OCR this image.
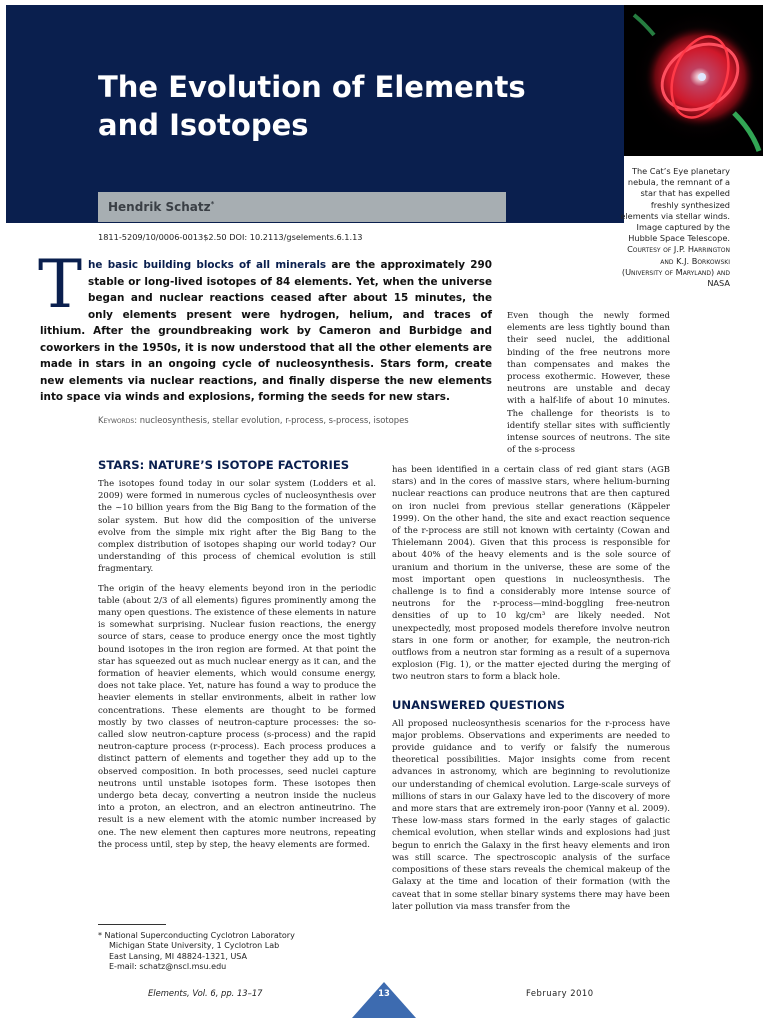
The Evolution of Elements
and Isotopes
Hendrik Schatz*
The Cat’s Eye planetary nebula, the remnant of a star that has expelled freshly synthesized elements via stellar winds. Image captured by the Hubble Space Telescope. Courtesy of J.P. Harrington and K.J. Borkowski (University of Maryland) and NASA
1811-5209/10/0006-0013$2.50 DOI: 10.2113/gselements.6.1.13
The basic building blocks of all minerals are the approximately 290 stable or long-lived isotopes of 84 elements. Yet, when the universe began and nuclear reactions ceased after about 15 minutes, the only elements present were hydrogen, helium, and traces of lithium. After the groundbreaking work by Cameron and Burbidge and coworkers in the 1950s, it is now understood that all the other elements are made in stars in an ongoing cycle of nucleosynthesis. Stars form, create new elements via nuclear reactions, and finally disperse the new elements into space via winds and explosions, forming the seeds for new stars.
Keywords: nucleosynthesis, stellar evolution, r-process, s-process, isotopes
STARS: NATURE’S ISOTOPE FACTORIES

The isotopes found today in our solar system (Lodders et al. 2009) were formed in numerous cycles of nucleosynthesis over the ~10 billion years from the Big Bang to the formation of the solar system. But how did the composition of the universe evolve from the simple mix right after the Big Bang to the complex distribution of isotopes shaping our world today? Our understanding of this process of chemical evolution is still fragmentary.

The origin of the heavy elements beyond iron in the periodic table (about 2/3 of all elements) figures prominently among the many open questions. The existence of these elements in nature is somewhat surprising. Nuclear fusion reactions, the energy source of stars, cease to produce energy once the most tightly bound isotopes in the iron region are formed. At that point the star has squeezed out as much nuclear energy as it can, and the formation of heavier elements, which would consume energy, does not take place. Yet, nature has found a way to produce the heavier elements in stellar environments, albeit in rather low concentrations. These elements are thought to be formed mostly by two classes of neutron-capture processes: the so-called slow neutron-capture process (s-process) and the rapid neutron-capture process (r-process). Each process produces a distinct pattern of elements and together they add up to the observed composition. In both processes, seed nuclei capture neutrons until unstable isotopes form. These isotopes then undergo beta decay, converting a neutron inside the nucleus into a proton, an electron, and an electron antineutrino. The result is a new element with the atomic number increased by one. The new element then captures more neutrons, repeating the process until, step by step, the heavy elements are formed.

Even though the newly formed elements are less tightly bound than their seed nuclei, the additional binding of the free neutrons more than compensates and makes the process exothermic. However, these neutrons are unstable and decay with a half-life of about 10 minutes. The challenge for theorists is to identify stellar sites with sufficiently intense sources of neutrons. The site of the s-process

has been identified in a certain class of red giant stars (AGB stars) and in the cores of massive stars, where helium-burning nuclear reactions can produce neutrons that are then captured on iron nuclei from previous stellar generations (Käppeler 1999). On the other hand, the site and exact reaction sequence of the r-process are still not known with certainty (Cowan and Thielemann 2004). Given that this process is responsible for about 40% of the heavy elements and is the sole source of uranium and thorium in the universe, these are some of the most important open questions in nucleosynthesis. The challenge is to find a considerably more intense source of neutrons for the r-process—mind-boggling free-neutron densities of up to 10 kg/cm³ are likely needed. Not unexpectedly, most proposed models therefore involve neutron stars in one form or another, for example, the neutron-rich outflows from a neutron star forming as a result of a supernova explosion (Fig. 1), or the matter ejected during the merging of two neutron stars to form a black hole.

UNANSWERED QUESTIONS

All proposed nucleosynthesis scenarios for the r-process have major problems. Observations and experiments are needed to provide guidance and to verify or falsify the numerous theoretical possibilities. Major insights come from recent advances in astronomy, which are beginning to revolutionize our understanding of chemical evolution. Large-scale surveys of millions of stars in our Galaxy have led to the discovery of more and more stars that are extremely iron-poor (Yanny et al. 2009). These low-mass stars formed in the early stages of galactic chemical evolution, when stellar winds and explosions had just begun to enrich the Galaxy in the first heavy elements and iron was still scarce. The spectroscopic analysis of the surface compositions of these stars reveals the chemical makeup of the Galaxy at the time and location of their formation (with the caveat that in some stellar binary systems there may have been later pollution via mass transfer from the

* National Superconducting Cyclotron Laboratory
Michigan State University, 1 Cyclotron Lab
East Lansing, MI 48824-1321, USA
E-mail: schatz@nscl.msu.edu
Elements, Vol. 6, pp. 13–17	13	February 2010
